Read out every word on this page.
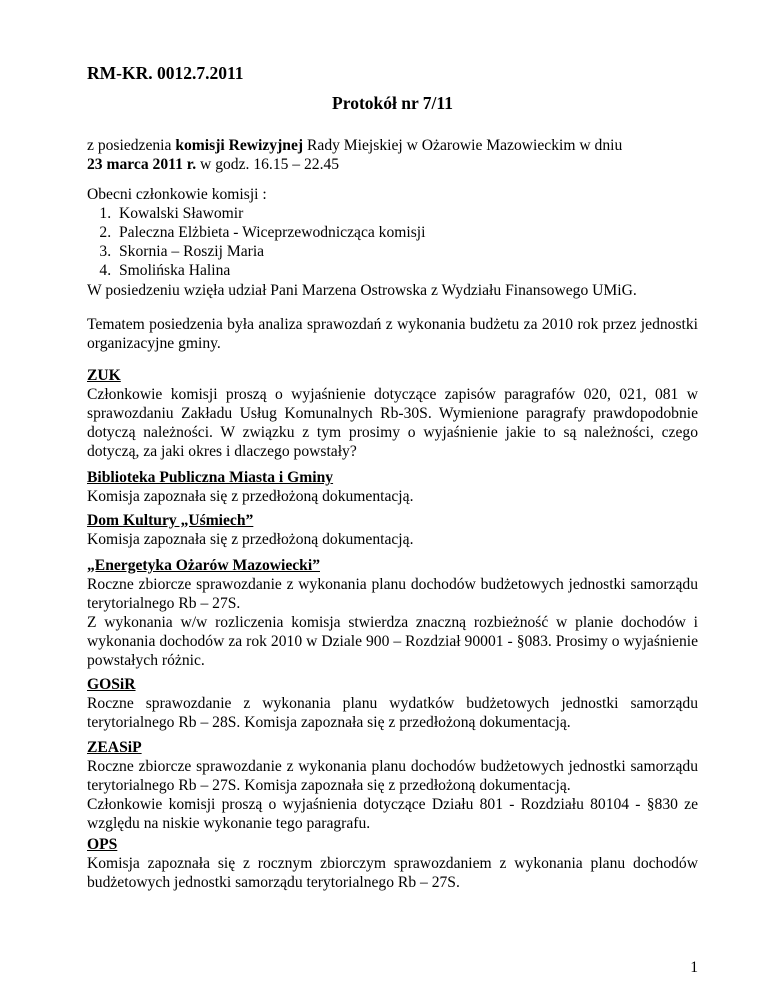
RM-KR. 0012.7.2011
Protokół nr 7/11
z posiedzenia komisji Rewizyjnej Rady Miejskiej w Ożarowie Mazowieckim w dniu
23 marca 2011 r. w godz. 16.15 – 22.45
Obecni członkowie komisji :
1. Kowalski Sławomir
2. Paleczna Elżbieta - Wiceprzewodnicząca komisji
3. Skornia – Roszij Maria
4. Smolińska Halina
W posiedzeniu wzięła udział Pani Marzena Ostrowska z Wydziału Finansowego UMiG.
Tematem posiedzenia była analiza sprawozdań z wykonania budżetu za 2010 rok przez jednostki organizacyjne gminy.
ZUK
Członkowie komisji proszą o wyjaśnienie dotyczące zapisów paragrafów 020, 021, 081 w sprawozdaniu Zakładu Usług Komunalnych Rb-30S. Wymienione paragrafy prawdopodobnie dotyczą należności. W związku z tym prosimy o wyjaśnienie jakie to są należności, czego dotyczą, za jaki okres i dlaczego powstały?
Biblioteka Publiczna Miasta i Gminy
Komisja zapoznała się z przedłożoną dokumentacją.
Dom Kultury „Uśmiech”
Komisja zapoznała się z przedłożoną dokumentacją.
„Energetyka Ożarów Mazowiecki”
Roczne zbiorcze sprawozdanie z wykonania planu dochodów budżetowych jednostki samorządu terytorialnego Rb – 27S.
Z wykonania w/w rozliczenia komisja stwierdza znaczną rozbieżność w planie dochodów i wykonania dochodów za rok 2010 w Dziale 900 – Rozdział 90001 - §083. Prosimy o wyjaśnienie powstałych różnic.
GOSiR
Roczne sprawozdanie z wykonania planu wydatków budżetowych jednostki samorządu terytorialnego Rb – 28S. Komisja zapoznała się z przedłożoną dokumentacją.
ZEASiP
Roczne zbiorcze sprawozdanie z wykonania planu dochodów budżetowych jednostki samorządu terytorialnego Rb – 27S. Komisja zapoznała się z przedłożoną dokumentacją.
Członkowie komisji proszą o wyjaśnienia dotyczące Działu 801 - Rozdziału 80104 - §830 ze względu na niskie wykonanie tego paragrafu.
OPS
Komisja zapoznała się z rocznym zbiorczym sprawozdaniem z wykonania planu dochodów budżetowych jednostki samorządu terytorialnego Rb – 27S.
1
